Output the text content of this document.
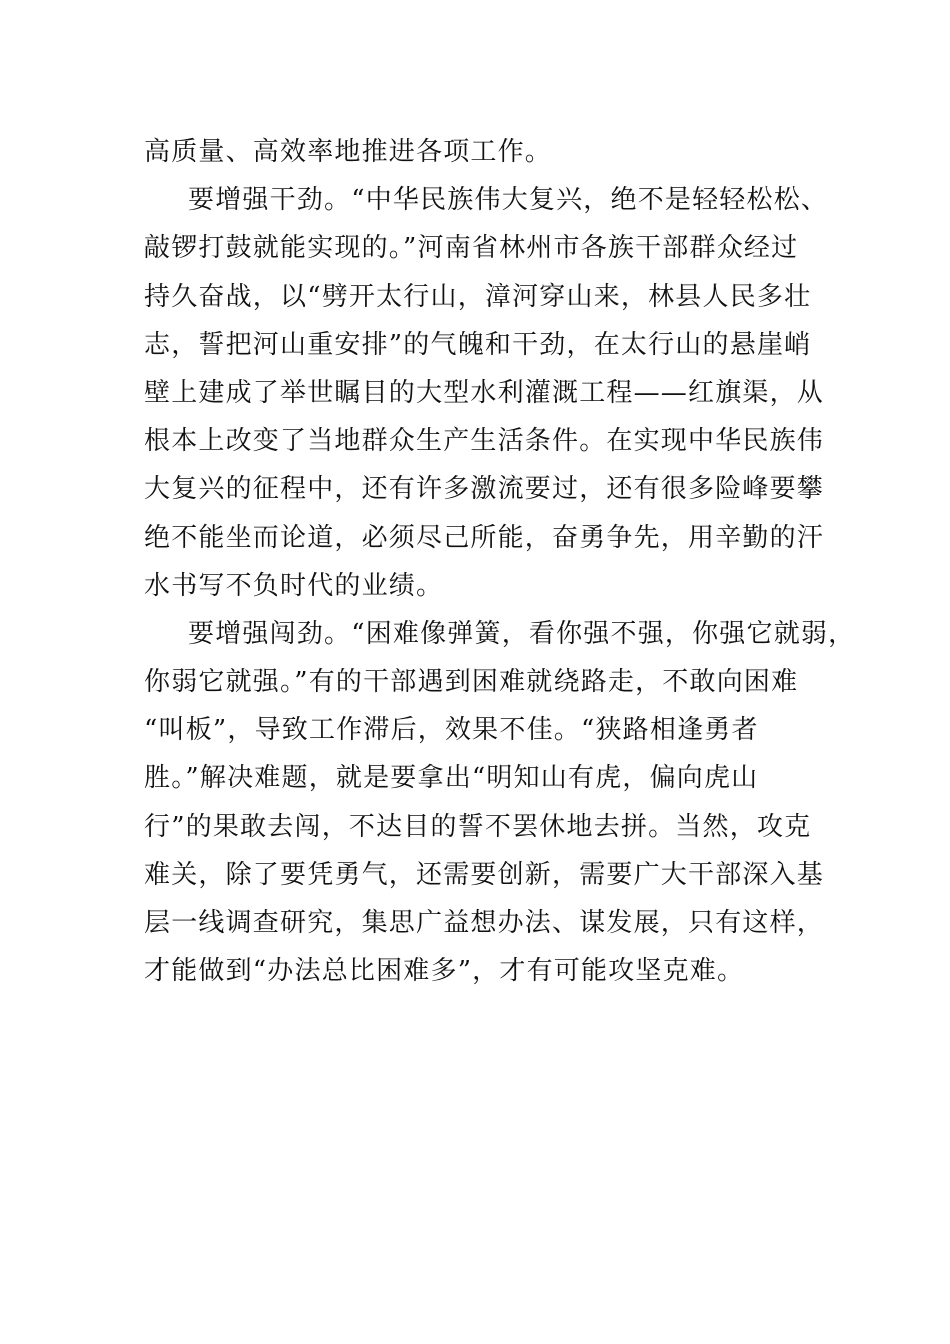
高质量、高效率地推进各项工作。
要增强干劲。“中华民族伟大复兴，绝不是轻轻松松、
敲锣打鼓就能实现的。”河南省林州市各族干部群众经过
持久奋战，以“劈开太行山，漳河穿山来，林县人民多壮
志，誓把河山重安排”的气魄和干劲，在太行山的悬崖峭
壁上建成了举世瞩目的大型水利灌溉工程——红旗渠，从
根本上改变了当地群众生产生活条件。在实现中华民族伟
大复兴的征程中，还有许多激流要过，还有很多险峰要攀
绝不能坐而论道，必须尽己所能，奋勇争先，用辛勤的汗
水书写不负时代的业绩。
要增强闯劲。“困难像弹簧，看你强不强，你强它就弱，
你弱它就强。”有的干部遇到困难就绕路走，不敢向困难
“叫板”，导致工作滞后，效果不佳。“狭路相逢勇者
胜。”解决难题，就是要拿出“明知山有虎，偏向虎山
行”的果敢去闯，不达目的誓不罢休地去拼。当然，攻克
难关，除了要凭勇气，还需要创新，需要广大干部深入基
层一线调查研究，集思广益想办法、谋发展，只有这样，
才能做到“办法总比困难多”，才有可能攻坚克难。
